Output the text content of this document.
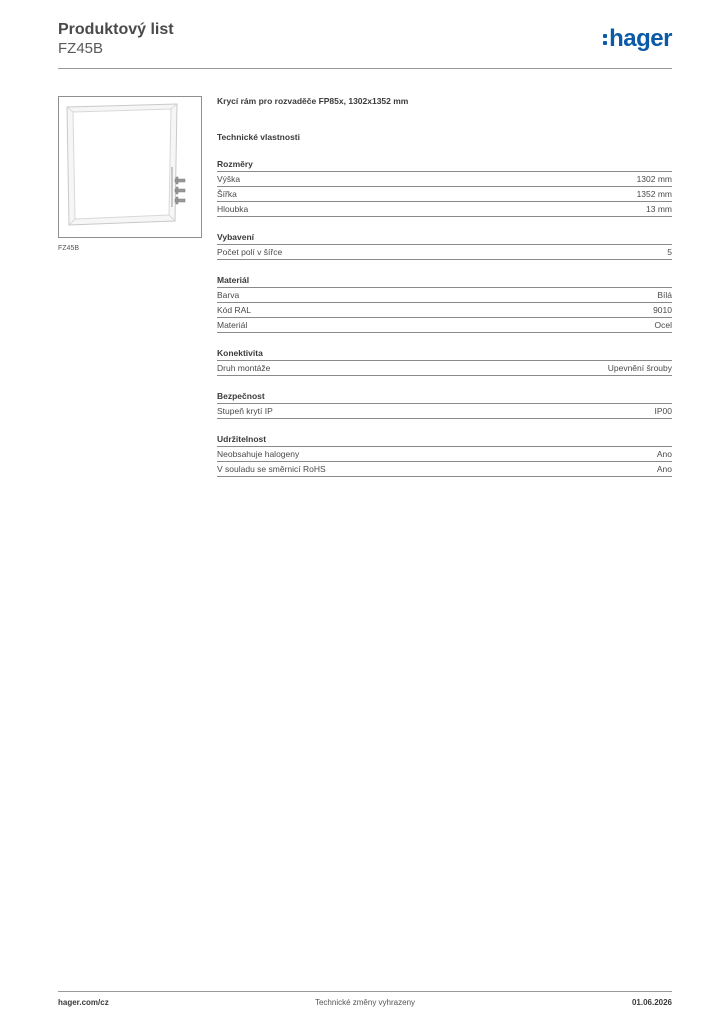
Produktový list
FZ45B	hager
FZ45B
Krycí rám pro rozvaděče FP85x, 1302x1352 mm
Technické vlastnosti
Rozměry
Výška	1302 mm
Šířka	1352 mm
Hloubka	13 mm
Vybavení
Počet polí v šířce	5
Materiál
Barva	Bílá
Kód RAL	9010
Materiál	Ocel
Konektivita
Druh montáže	Upevnění šrouby
Bezpečnost
Stupeň krytí IP	IP00
Udržitelnost
Neobsahuje halogeny	Ano
V souladu se směrnicí RoHS	Ano
hager.com/cz	Technické změny vyhrazeny	01.06.2026
